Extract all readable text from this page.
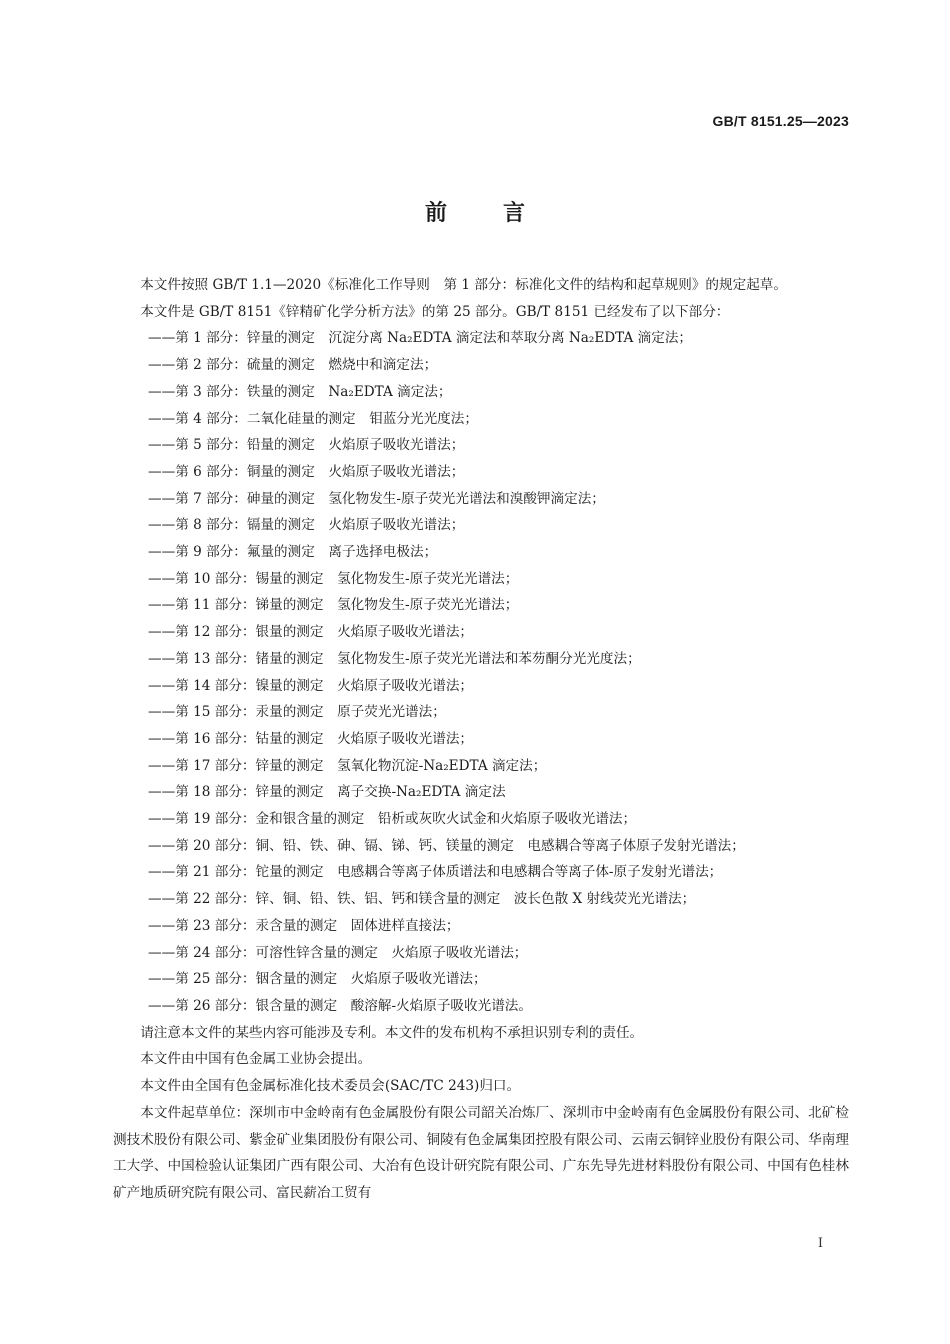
GB/T 8151.25—2023
前	言

本文件按照 GB/T 1.1—2020《标准化工作导则　第 1 部分：标准化文件的结构和起草规则》的规定起草。

本文件是 GB/T 8151《锌精矿化学分析方法》的第 25 部分。GB/T 8151 已经发布了以下部分：

——第 1 部分：锌量的测定　沉淀分离 Na₂EDTA 滴定法和萃取分离 Na₂EDTA 滴定法；

——第 2 部分：硫量的测定　燃烧中和滴定法；

——第 3 部分：铁量的测定　Na₂EDTA 滴定法；

——第 4 部分：二氧化硅量的测定　钼蓝分光光度法；

——第 5 部分：铅量的测定　火焰原子吸收光谱法；

——第 6 部分：铜量的测定　火焰原子吸收光谱法；

——第 7 部分：砷量的测定　氢化物发生-原子荧光光谱法和溴酸钾滴定法；

——第 8 部分：镉量的测定　火焰原子吸收光谱法；

——第 9 部分：氟量的测定　离子选择电极法；

——第 10 部分：锡量的测定　氢化物发生-原子荧光光谱法；

——第 11 部分：锑量的测定　氢化物发生-原子荧光光谱法；

——第 12 部分：银量的测定　火焰原子吸收光谱法；

——第 13 部分：锗量的测定　氢化物发生-原子荧光光谱法和苯芴酮分光光度法；

——第 14 部分：镍量的测定　火焰原子吸收光谱法；

——第 15 部分：汞量的测定　原子荧光光谱法；

——第 16 部分：钴量的测定　火焰原子吸收光谱法；

——第 17 部分：锌量的测定　氢氧化物沉淀-Na₂EDTA 滴定法；

——第 18 部分：锌量的测定　离子交换-Na₂EDTA 滴定法

——第 19 部分：金和银含量的测定　铅析或灰吹火试金和火焰原子吸收光谱法；

——第 20 部分：铜、铅、铁、砷、镉、锑、钙、镁量的测定　电感耦合等离子体原子发射光谱法；

——第 21 部分：铊量的测定　电感耦合等离子体质谱法和电感耦合等离子体-原子发射光谱法；

——第 22 部分：锌、铜、铅、铁、铝、钙和镁含量的测定　波长色散 X 射线荧光光谱法；

——第 23 部分：汞含量的测定　固体进样直接法；

——第 24 部分：可溶性锌含量的测定　火焰原子吸收光谱法；

——第 25 部分：铟含量的测定　火焰原子吸收光谱法；

——第 26 部分：银含量的测定　酸溶解-火焰原子吸收光谱法。

请注意本文件的某些内容可能涉及专利。本文件的发布机构不承担识别专利的责任。

本文件由中国有色金属工业协会提出。

本文件由全国有色金属标准化技术委员会(SAC/TC 243)归口。

本文件起草单位：深圳市中金岭南有色金属股份有限公司韶关冶炼厂、深圳市中金岭南有色金属股份有限公司、北矿检测技术股份有限公司、紫金矿业集团股份有限公司、铜陵有色金属集团控股有限公司、云南云铜锌业股份有限公司、华南理工大学、中国检验认证集团广西有限公司、大冶有色设计研究院有限公司、广东先导先进材料股份有限公司、中国有色桂林矿产地质研究院有限公司、富民薪冶工贸有

I
